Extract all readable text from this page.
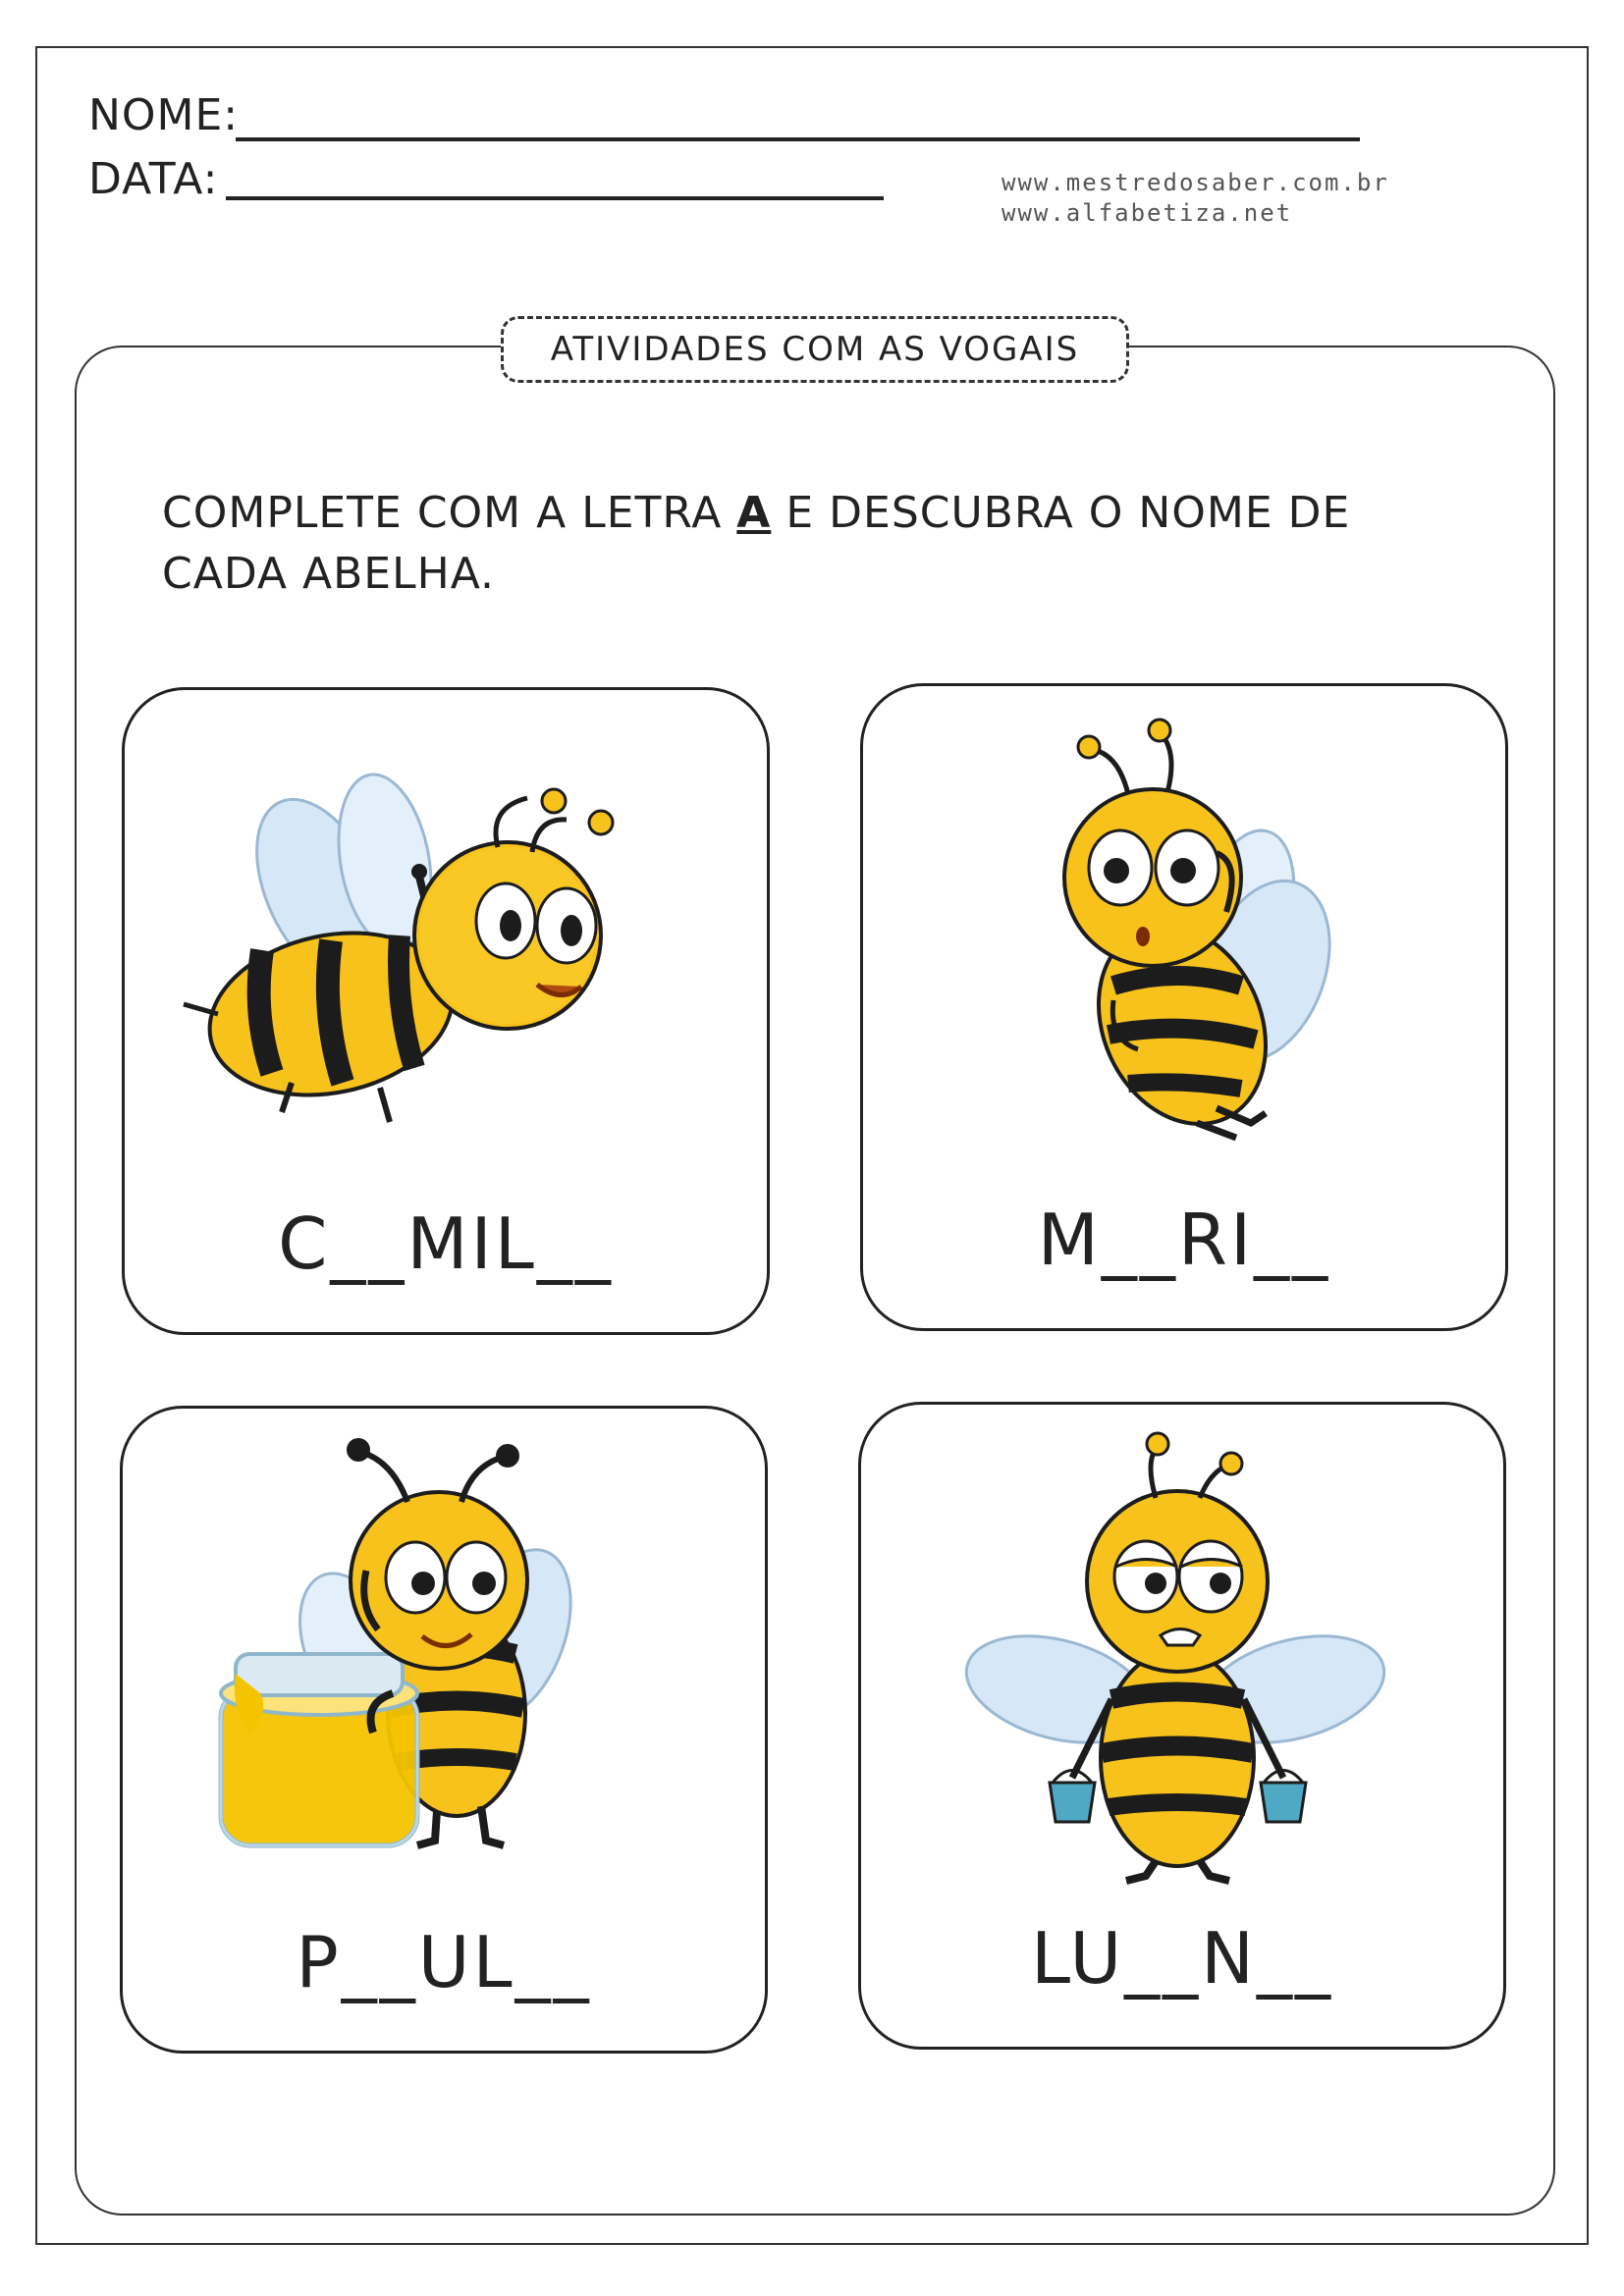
NOME:
DATA:	www.mestredosaber.com.br
www.alfabetiza.net
ATIVIDADES COM AS VOGAIS
COMPLETE COM A LETRA A E DESCUBRA O NOME DE CADA ABELHA.
C__MIL__	M__RI__
P__UL__	LU__N__
